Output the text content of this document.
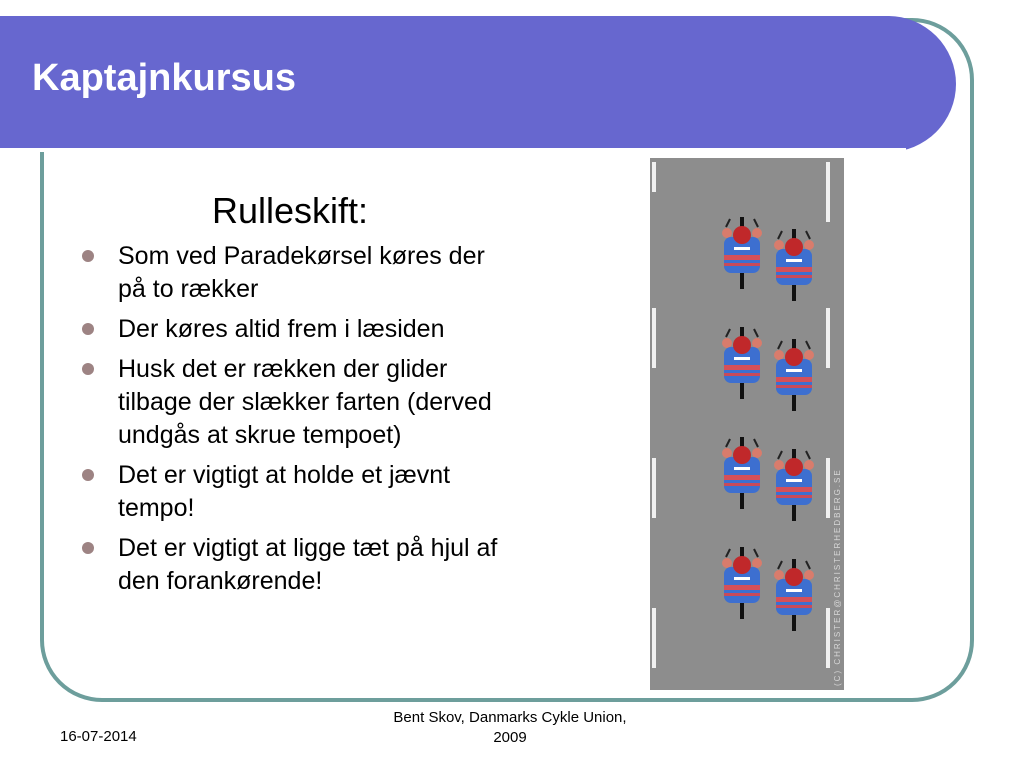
Kaptajnkursus
Rulleskift:
Som ved Paradekørsel køres der på to rækker
Der køres altid frem i læsiden
Husk det er rækken der glider tilbage der slækker farten (derved undgås at skrue tempoet)
Det er vigtigt at holde et jævnt tempo!
Det er vigtigt at ligge tæt på hjul af den forankørende!	(C) CHRISTER@CHRISTERHEDBERG.SE
16-07-2014
Bent Skov, Danmarks Cykle Union,
2009
